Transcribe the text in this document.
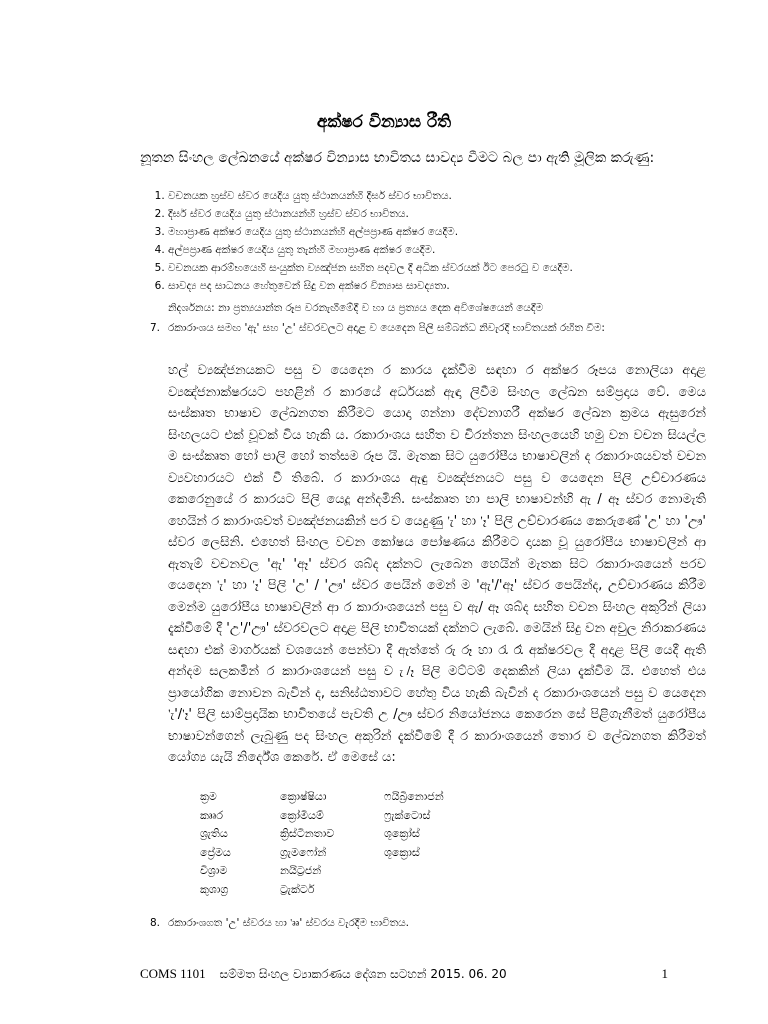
අක්ෂර වින්‍යාස රීති
නූතන සිංහල ලේඛනයේ අක්ෂර වින්‍යාස භාවිතය සාවද්‍ය වීමට බල පා ඇති මූලික කරුණු:
1. වචනයක හ්‍රස්ව ස්වර යෙදිය යුතු ස්ථානයන්හි දීර්ඝ ස්වර භාවිතය.
2. දීර්ඝ ස්වර යෙදිය යුතු ස්ථානයන්හි හ්‍රස්ව ස්වර භාවිතය.
3. මහාප්‍රාණ අක්ෂර යෙදිය යුතු ස්ථානයන්හි අල්පප්‍රාණ අක්ෂර යෙදීම.
4. අල්පප්‍රාණ අක්ෂර යෙදිය යුතු තැන්හි මහාප්‍රාණ අක්ෂර යෙදීම.
5. වචනයක ආරම්භයෙහි සංයුක්ත ව්‍යඤ්ජන සහිත පදවල දී අධික ස්වරයක් ඊට පෙරටු ව යෙදීම.
6. සාවද්‍ය පද සාධනය හේතුවෙන් සිදු වන අක්ෂර වින්‍යාස සාවද්‍යතා.
නිදර්ශනය: නා ප්‍රත්‍යයාන්ත රූප වරනැඟීමේදී ව හා ය ප්‍රත්‍යය දෙක අවිශේෂයෙන් යෙදීම
7. රකාරාංශය සමඟ 'ඇ' සහ 'උ' ස්වරවලට අදාළ ව යෙදෙන පිලි සම්බන්ධ නිවැරදි භාවිතයක් රහිත වීම:
හල් ව්‍යඤ්ජනයකට පසු ව යෙදෙන ර කාරය දැක්වීම සඳහා ර අක්ෂර රූපය නොලියා අදාළ ව්‍යඤ්ජනාක්ෂරයට පහළින් ර කාරයේ අර්ධයක් ඇඳා ලිවීම සිංහල ලේඛන සම්ප්‍රදාය වේ. මෙය සංස්කෘත භාෂාව ලේඛනගත කිරීමට යොදා ගන්නා දේවනාගරී අක්ෂර ලේඛන ක්‍රමය ඇසුරෙන් සිංහලයට එක් වූවක් විය හැකි ය. රකාරාංශය සහිත ව චිරන්තන සිංහලයෙහි හමු වන වචන සියල්ල ම සංස්කෘත හෝ පාලි හෝ තත්සම රූප යි. මැතක සිට යුරෝපීය භාෂාවලින් ද රකාරාංශයවත් වචන ව්‍යවහාරයට එක් වී තිබේ. ර කාරාංශය ඇඳු ව්‍යඤ්ජනයට පසු ව යෙදෙන පිලි උච්චාරණය කෙරෙනුයේ ර කාරයට පිලි යෙදූ අන්දමිනි. සංස්කෘත හා පාලි භාෂාවන්හි ඇ / ඈ ස්වර නොමැති හෙයින් ර කාරාංශවත් ව්‍යඤ්ජනයකින් පර ව යෙදුණු 'ැ' හා 'ෑ' පිලි උච්චාරණය කෙරුණේ 'උ' හා 'ඌ' ස්වර ලෙසිනි. එහෙත් සිංහල වචන කෝෂය පෝෂණය කිරීමට දායක වූ යුරෝපීය භාෂාවලින් ආ ඇතැම් වචනවල 'ඇ' 'ඈ' ස්වර ශබ්ද දක්නට ලැබෙන හෙයින් මැතක සිට රකාරාංශයෙන් පරව යෙදෙන 'ැ' හා 'ෑ' පිලි 'උ' / 'ඌ' ස්වර පෙයින් මෙන් ම 'ඇ'/'ඈ' ස්වර පෙයින්ද, උච්චාරණය කිරීම මෙන්ම යුරෝපීය භාෂාවලින් ආ ර කාරාංශයෙන් පසු ව ඇ/ ඈ ශබ්ද සහිත වචන සිංහල අකුරින් ලියා දැක්වීමේ දී 'උ'/'ඌ' ස්වරවලට අදාළ පිලි භාවිතයක් දක්නට ලැබේ. මෙයින් සිදු වන අවුල නිරාකරණය සඳහා එක් මාර්ගයක් වශයෙන් පෙන්වා දී ඇත්තේ රු රූ හා රැ රෑ අක්ෂරවල දී අදාළ පිලි යෙදී ඇති අන්දම සලකමින් ර කාරාංශයෙන් පසු ව ැ/ෑ පිලි මට්ටම් දෙකකින් ලියා දැක්වීම යි. එහෙත් එය ප්‍රායෝගික නොවන බැවින් ද, සනිඝ්ඨතාවට හේතු විය හැකි බැවින් ද රකාරාංශයෙන් පසු ව යෙදෙන 'ැ'/'ෑ' පිලි සාම්ප්‍රදායික භාවිතයේ පැවති උ /ඌ ස්වර නියෝජනය කෙරෙන සේ පිළිගැනීමත් යුරෝපීය භාෂාවන්ගෙන් ලැබුණු පද සිංහල අකුරින් දැක්වීමේ දී ර කාරාංශයෙන් තොර ව ලේඛනගත කිරීමත් යෝග්‍ය යැයි නිර්දේශ කෙරේ. ඒ මෙසේ ය:
ක්‍රම	ක්‍රොෂ්ෂියා	ෆයිබ්‍රිනොජන්
ක්‍රූර	ක්‍රෝමියම්	ෆ්‍රැක්ටොස්
ශ්‍රැතිය	ක්‍රිස්ටිනතාව	ශූක්‍රෝස්
ප්‍රේමය	ග්‍රැමෆෝන්	ශූක්‍රොස්
විශ්‍රාම	නයිට්‍රජන්
කුශාග්‍ර	ට්‍රැක්ටර්
8. රකාරාංශගත 'උ' ස්වරය හා 'ෲ' ස්වරය වැරදීම භාවිතය.
COMS 1101 සම්මත සිංහල ව්‍යාකරණය දේශන සටහන් 2015. 06. 20	1
